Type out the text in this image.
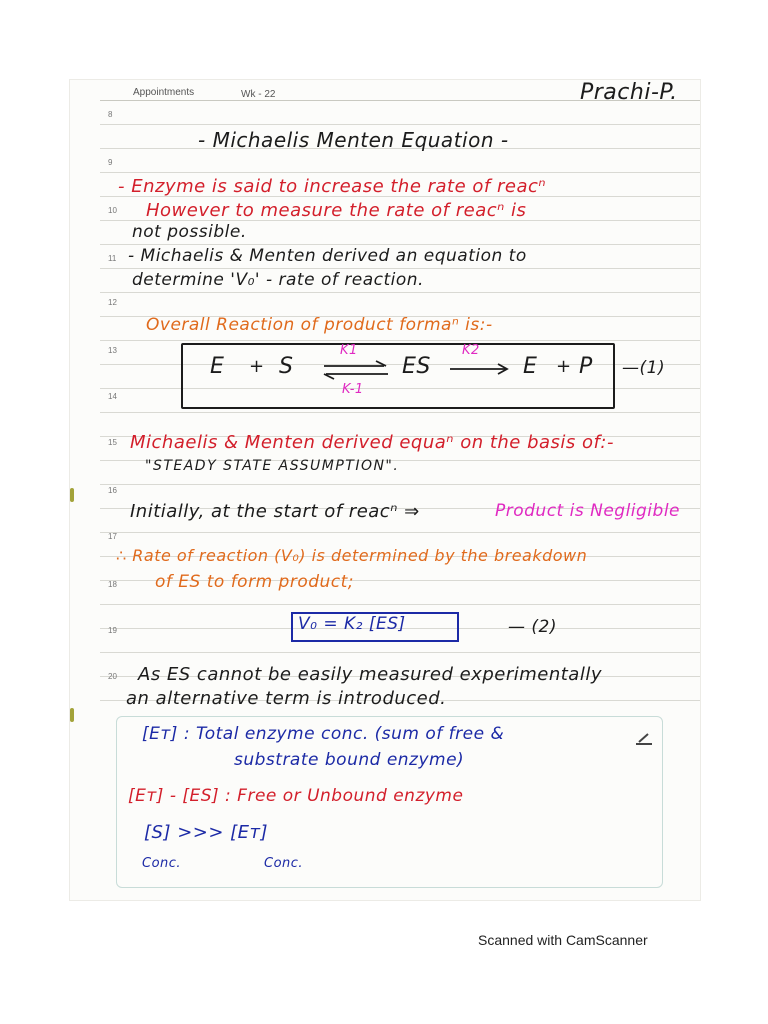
Appointments	Wk - 22	Prachi-P.
8
9
10
11
12
13
14
15
16
17
18
19
20
- Michaelis Menten Equation -
- Enzyme is said to increase the rate of reacⁿ
However to measure the rate of reacⁿ is
not possible.
- Michaelis & Menten derived an equation to
determine 'V₀' - rate of reaction.
Overall Reaction of product formaⁿ is:-
E + S
K1
K-1
ES
K2
E + P —(1)
Michaelis & Menten derived equaⁿ on the basis of:-
"STEADY STATE ASSUMPTION".
Initially, at the start of reacⁿ ⇒	Product is Negligible
∴ Rate of reaction (V₀) is determined by the breakdown
of ES to form product;
V₀ = K₂ [ES]	— (2)
As ES cannot be easily measured experimentally
an alternative term is introduced.
[Eт] : Total enzyme conc. (sum of free &
substrate bound enzyme)
[Eт] - [ES] : Free or Unbound enzyme
[S] >>> [Eт]
Conc.	Conc.
Scanned with CamScanner
